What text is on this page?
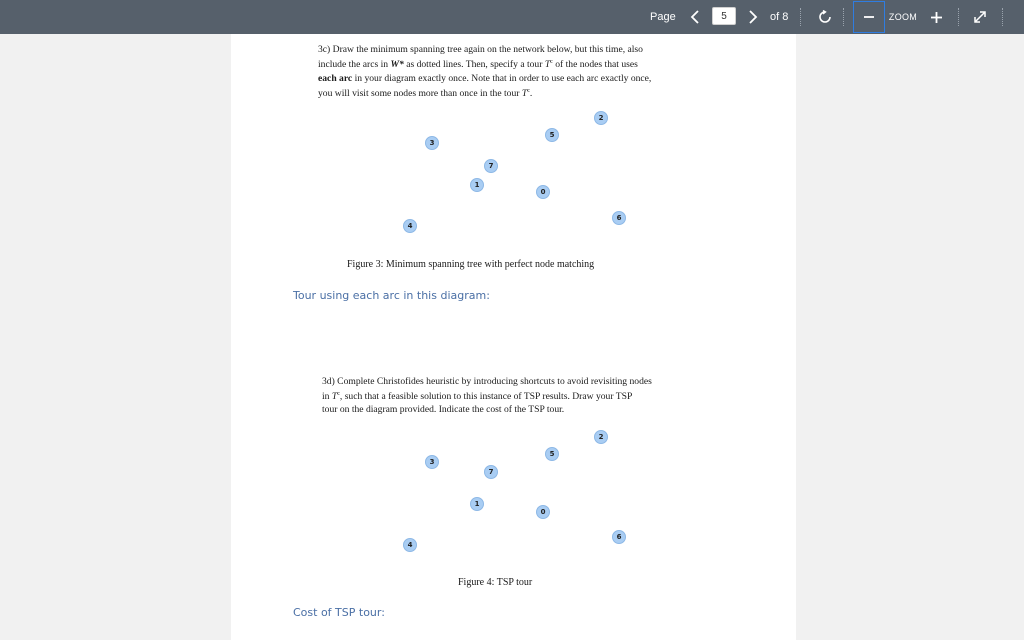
Page
5	of 8	ZOOM
3c) Draw the minimum spanning tree again on the network below, but this time, also
include the arcs in W* as dotted lines. Then, specify a tour $T^c$ of the nodes that uses
each arc in your diagram exactly once. Note that in order to use each arc exactly once,
you will visit some nodes more than once in the tour $T^c$.
3
5
2
7
1
0
6
4
Figure 3: Minimum spanning tree with perfect node matching
Tour using each arc in this diagram:
3d) Complete Christofides heuristic by introducing shortcuts to avoid revisiting nodes
in $T^c$, such that a feasible solution to this instance of TSP results. Draw your TSP
tour on the diagram provided. Indicate the cost of the TSP tour.
2
5
3
7
1
0
6
4
Figure 4: TSP tour
Cost of TSP tour:
